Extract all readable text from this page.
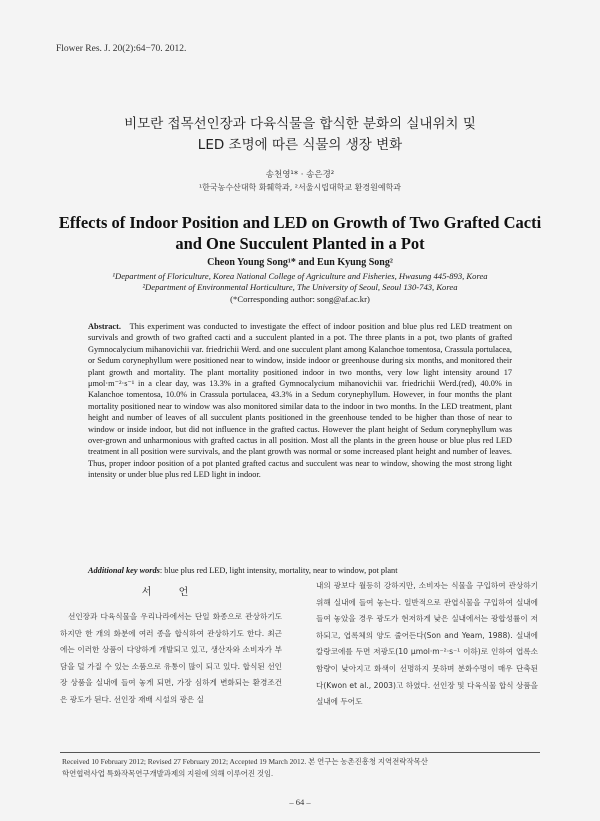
Flower Res. J. 20(2):64−70. 2012.
비모란 접목선인장과 다육식물을 합식한 분화의 실내위치 및
LED 조명에 따른 식물의 생장 변화
송천영¹* · 송은경²
¹한국농수산대학 화훼학과, ²서울시립대학교 환경원예학과
Effects of Indoor Position and LED on Growth of Two Grafted Cacti
and One Succulent Planted in a Pot
Cheon Young Song¹* and Eun Kyung Song²
¹Department of Floriculture, Korea National College of Agriculture and Fisheries, Hwasung 445-893, Korea
²Department of Environmental Horticulture, The University of Seoul, Seoul 130-743, Korea
(*Corresponding author: song@af.ac.kr)

Abstract. This experiment was conducted to investigate the effect of indoor position and blue plus red LED treatment on survivals and growth of two grafted cacti and a succulent planted in a pot. The three plants in a pot, two plants of grafted Gymnocalycium mihanovichii var. friedrichii Werd. and one succulent plant among Kalanchoe tomentosa, Crassula portulacea, or Sedum corynephyllum were positioned near to window, inside indoor or greenhouse during six months, and monitored their plant growth and mortality. The plant mortality positioned indoor in two months, very low light intensity around 17 μmol·m⁻²·s⁻¹ in a clear day, was 13.3% in a grafted Gymnocalycium mihanovichii var. friedrichii Werd.(red), 40.0% in Kalanchoe tomentosa, 10.0% in Crassula portulacea, 43.3% in a Sedum corynephyllum. However, in four months the plant mortality positioned near to window was also monitored similar data to the indoor in two months. In the LED treatment, plant height and number of leaves of all succulent plants positioned in the greenhouse tended to be higher than those of near to window or inside indoor, but did not influence in the grafted cactus. However the plant height of Sedum corynephyllum was over-grown and unharmonious with grafted cactus in all position. Most all the plants in the green house or blue plus red LED treatment in all position were survivals, and the plant growth was normal or some increased plant height and number of leaves. Thus, proper indoor position of a pot planted grafted cactus and succulent was near to window, showing the most strong light intensity or under blue plus red LED light in indoor.

Additional key words: blue plus red LED, light intensity, mortality, near to window, pot plant
서 언

선인장과 다육식물을 우리나라에서는 단일 화종으로 관상하기도 하지만 한 개의 화분에 여러 종을 합식하여 관상하기도 한다. 최근에는 이러한 상품이 다양하게 개발되고 있고, 생산자와 소비자가 부담을 덜 가질 수 있는 소품으로 유통이 많이 되고 있다. 합식된 선인장 상품을 실내에 들여 놓게 되면, 가장 심하게 변화되는 환경조건은 광도가 된다. 선인장 재배 시설의 광은 실

내의 광보다 월등히 강하지만, 소비자는 식물을 구입하여 관상하기 위해 실내에 들여 놓는다. 일반적으로 관엽식물을 구입하여 실내에 들여 놓았을 경우 광도가 현저하게 낮은 실내에서는 광합성률이 저하되고, 엽록체의 양도 줄어든다(Son and Yeam, 1988). 실내에 칼랑코에를 두면 저광도(10 μmol·m⁻²·s⁻¹ 이하)로 인하여 엽록소 함량이 낮아지고 화색이 선명하지 못하며 분화수명이 매우 단축된다(Kwon et al., 2003)고 하였다. 선인장 및 다육식물 합식 상품을 실내에 두어도

Received 10 February 2012; Revised 27 February 2012; Accepted 19 March 2012. 본 연구는 농촌진흥청 지역전략작목산
학연협력사업 특화작목연구개발과제의 지원에 의해 이루어진 것임.
– 64 –
